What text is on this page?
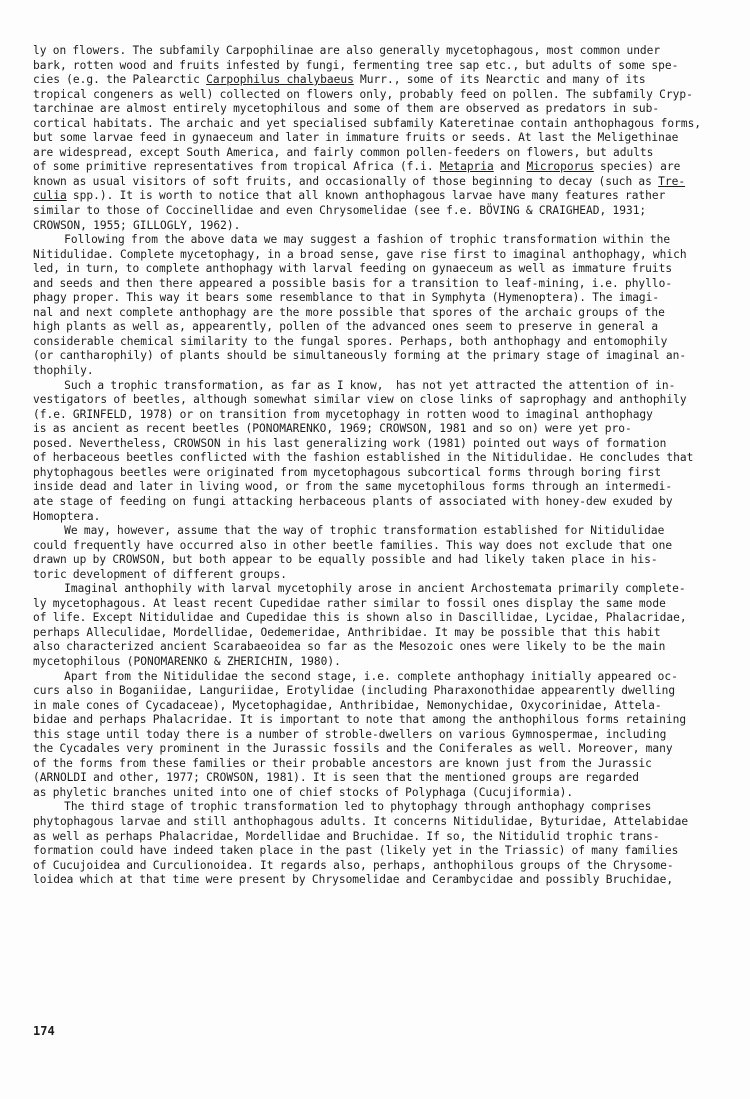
ly on flowers. The subfamily Carpophilinae are also generally mycetophagous, most common under
bark, rotten wood and fruits infested by fungi, fermenting tree sap etc., but adults of some spe-
cies (e.g. the Palearctic Carpophilus chalybaeus Murr., some of its Nearctic and many of its
tropical congeners as well) collected on flowers only, probably feed on pollen. The subfamily Cryp-
tarchinae are almost entirely mycetophilous and some of them are observed as predators in sub-
cortical habitats. The archaic and yet specialised subfamily Kateretinae contain anthophagous forms,
but some larvae feed in gynaeceum and later in immature fruits or seeds. At last the Meligethinae
are widespread, except South America, and fairly common pollen-feeders on flowers, but adults
of some primitive representatives from tropical Africa (f.i. Metapria and Microporus species) are
known as usual visitors of soft fruits, and occasionally of those beginning to decay (such as Tre-
culia spp.). It is worth to notice that all known anthophagous larvae have many features rather
similar to those of Coccinellidae and even Chrysomelidae (see f.e. BÖVING & CRAIGHEAD, 1931;
CROWSON, 1955; GILLOGLY, 1962).
Following from the above data we may suggest a fashion of trophic transformation within the
Nitidulidae. Complete mycetophagy, in a broad sense, gave rise first to imaginal anthophagy, which
led, in turn, to complete anthophagy with larval feeding on gynaeceum as well as immature fruits
and seeds and then there appeared a possible basis for a transition to leaf-mining, i.e. phyllo-
phagy proper. This way it bears some resemblance to that in Symphyta (Hymenoptera). The imagi-
nal and next complete anthophagy are the more possible that spores of the archaic groups of the
high plants as well as, appearently, pollen of the advanced ones seem to preserve in general a
considerable chemical similarity to the fungal spores. Perhaps, both anthophagy and entomophily
(or cantharophily) of plants should be simultaneously forming at the primary stage of imaginal an-
thophily.
Such a trophic transformation, as far as I know,  has not yet attracted the attention of in-
vestigators of beetles, although somewhat similar view on close links of saprophagy and anthophily
(f.e. GRINFELD, 1978) or on transition from mycetophagy in rotten wood to imaginal anthophagy
is as ancient as recent beetles (PONOMARENKO, 1969; CROWSON, 1981 and so on) were yet pro-
posed. Nevertheless, CROWSON in his last generalizing work (1981) pointed out ways of formation
of herbaceous beetles conflicted with the fashion established in the Nitidulidae. He concludes that
phytophagous beetles were originated from mycetophagous subcortical forms through boring first
inside dead and later in living wood, or from the same mycetophilous forms through an intermedi-
ate stage of feeding on fungi attacking herbaceous plants of associated with honey-dew exuded by
Homoptera.
We may, however, assume that the way of trophic transformation established for Nitidulidae
could frequently have occurred also in other beetle families. This way does not exclude that one
drawn up by CROWSON, but both appear to be equally possible and had likely taken place in his-
toric development of different groups.
Imaginal anthophily with larval mycetophily arose in ancient Archostemata primarily complete-
ly mycetophagous. At least recent Cupedidae rather similar to fossil ones display the same mode
of life. Except Nitidulidae and Cupedidae this is shown also in Dascillidae, Lycidae, Phalacridae,
perhaps Alleculidae, Mordellidae, Oedemeridae, Anthribidae. It may be possible that this habit
also characterized ancient Scarabaeoidea so far as the Mesozoic ones were likely to be the main
mycetophilous (PONOMARENKO & ZHERICHIN, 1980).
Apart from the Nitidulidae the second stage, i.e. complete anthophagy initially appeared oc-
curs also in Boganiidae, Languriidae, Erotylidae (including Pharaxonothidae appearently dwelling
in male cones of Cycadaceae), Mycetophagidae, Anthribidae, Nemonychidae, Oxycorinidae, Attela-
bidae and perhaps Phalacridae. It is important to note that among the anthophilous forms retaining
this stage until today there is a number of stroble-dwellers on various Gymnospermae, including
the Cycadales very prominent in the Jurassic fossils and the Coniferales as well. Moreover, many
of the forms from these families or their probable ancestors are known just from the Jurassic
(ARNOLDI and other, 1977; CROWSON, 1981). It is seen that the mentioned groups are regarded
as phyletic branches united into one of chief stocks of Polyphaga (Cucujiformia).
The third stage of trophic transformation led to phytophagy through anthophagy comprises
phytophagous larvae and still anthophagous adults. It concerns Nitidulidae, Byturidae, Attelabidae
as well as perhaps Phalacridae, Mordellidae and Bruchidae. If so, the Nitidulid trophic trans-
formation could have indeed taken place in the past (likely yet in the Triassic) of many families
of Cucujoidea and Curculionoidea. It regards also, perhaps, anthophilous groups of the Chrysome-
loidea which at that time were present by Chrysomelidae and Cerambycidae and possibly Bruchidae,
174
